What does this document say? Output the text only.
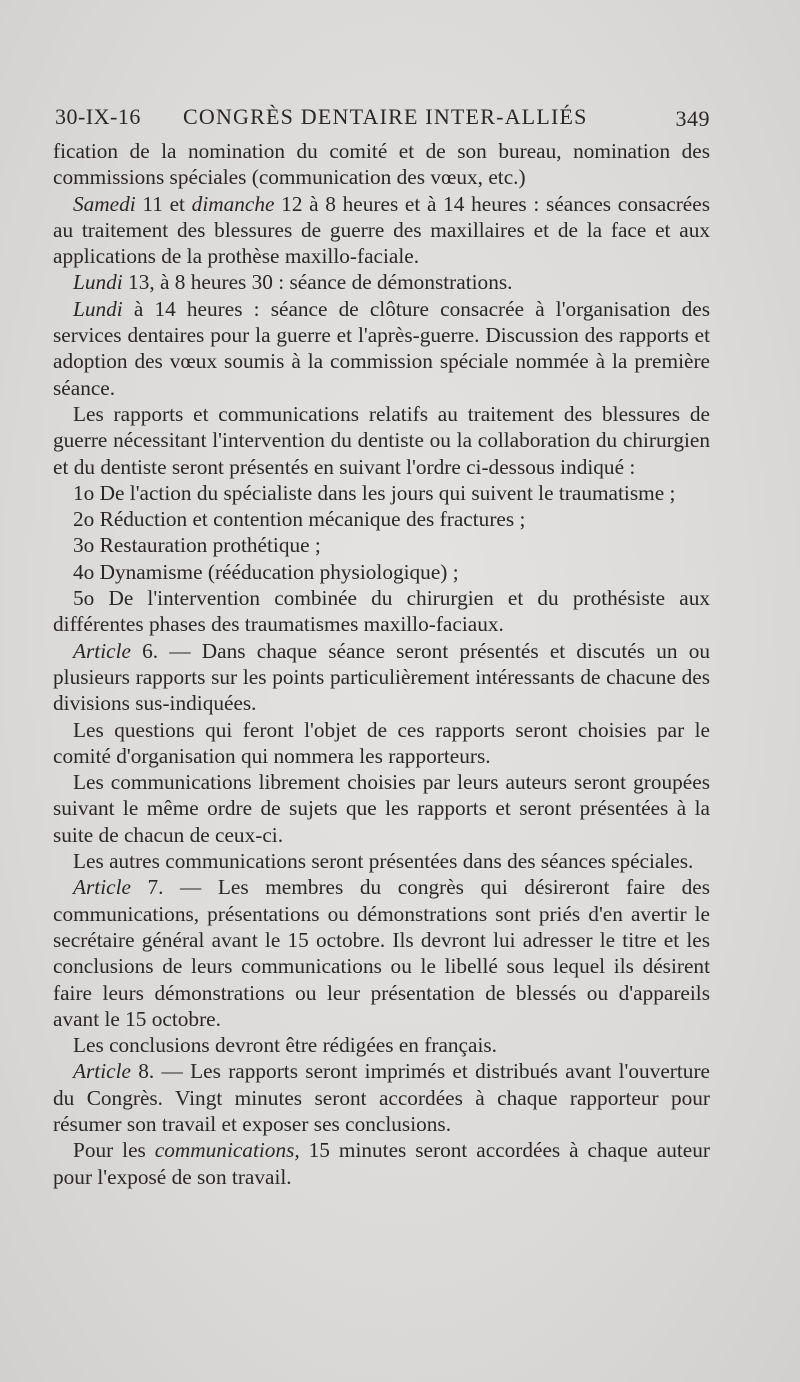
30-IX-16 CONGRÈS DENTAIRE INTER-ALLIÉS	349

fication de la nomination du comité et de son bureau, nomination des commissions spéciales (communication des vœux, etc.)

Samedi 11 et dimanche 12 à 8 heures et à 14 heures : séances consacrées au traitement des blessures de guerre des maxillaires et de la face et aux applications de la prothèse maxillo-faciale.

Lundi 13, à 8 heures 30 : séance de démonstrations.

Lundi à 14 heures : séance de clôture consacrée à l'organisation des services dentaires pour la guerre et l'après-guerre. Discussion des rapports et adoption des vœux soumis à la commission spéciale nommée à la première séance.

Les rapports et communications relatifs au traitement des blessures de guerre nécessitant l'intervention du dentiste ou la collaboration du chirurgien et du dentiste seront présentés en suivant l'ordre ci-dessous indiqué :

1o De l'action du spécialiste dans les jours qui suivent le traumatisme ;

2o Réduction et contention mécanique des fractures ;

3o Restauration prothétique ;

4o Dynamisme (rééducation physiologique) ;

5o De l'intervention combinée du chirurgien et du prothésiste aux différentes phases des traumatismes maxillo-faciaux.

Article 6. — Dans chaque séance seront présentés et discutés un ou plusieurs rapports sur les points particulièrement intéressants de chacune des divisions sus-indiquées.

Les questions qui feront l'objet de ces rapports seront choisies par le comité d'organisation qui nommera les rapporteurs.

Les communications librement choisies par leurs auteurs seront groupées suivant le même ordre de sujets que les rapports et seront présentées à la suite de chacun de ceux-ci.

Les autres communications seront présentées dans des séances spéciales.

Article 7. — Les membres du congrès qui désireront faire des communications, présentations ou démonstrations sont priés d'en avertir le secrétaire général avant le 15 octobre. Ils devront lui adresser le titre et les conclusions de leurs communications ou le libellé sous lequel ils désirent faire leurs démonstrations ou leur présentation de blessés ou d'appareils avant le 15 octobre.

Les conclusions devront être rédigées en français.

Article 8. — Les rapports seront imprimés et distribués avant l'ouverture du Congrès. Vingt minutes seront accordées à chaque rapporteur pour résumer son travail et exposer ses conclusions.

Pour les communications, 15 minutes seront accordées à chaque auteur pour l'exposé de son travail.
